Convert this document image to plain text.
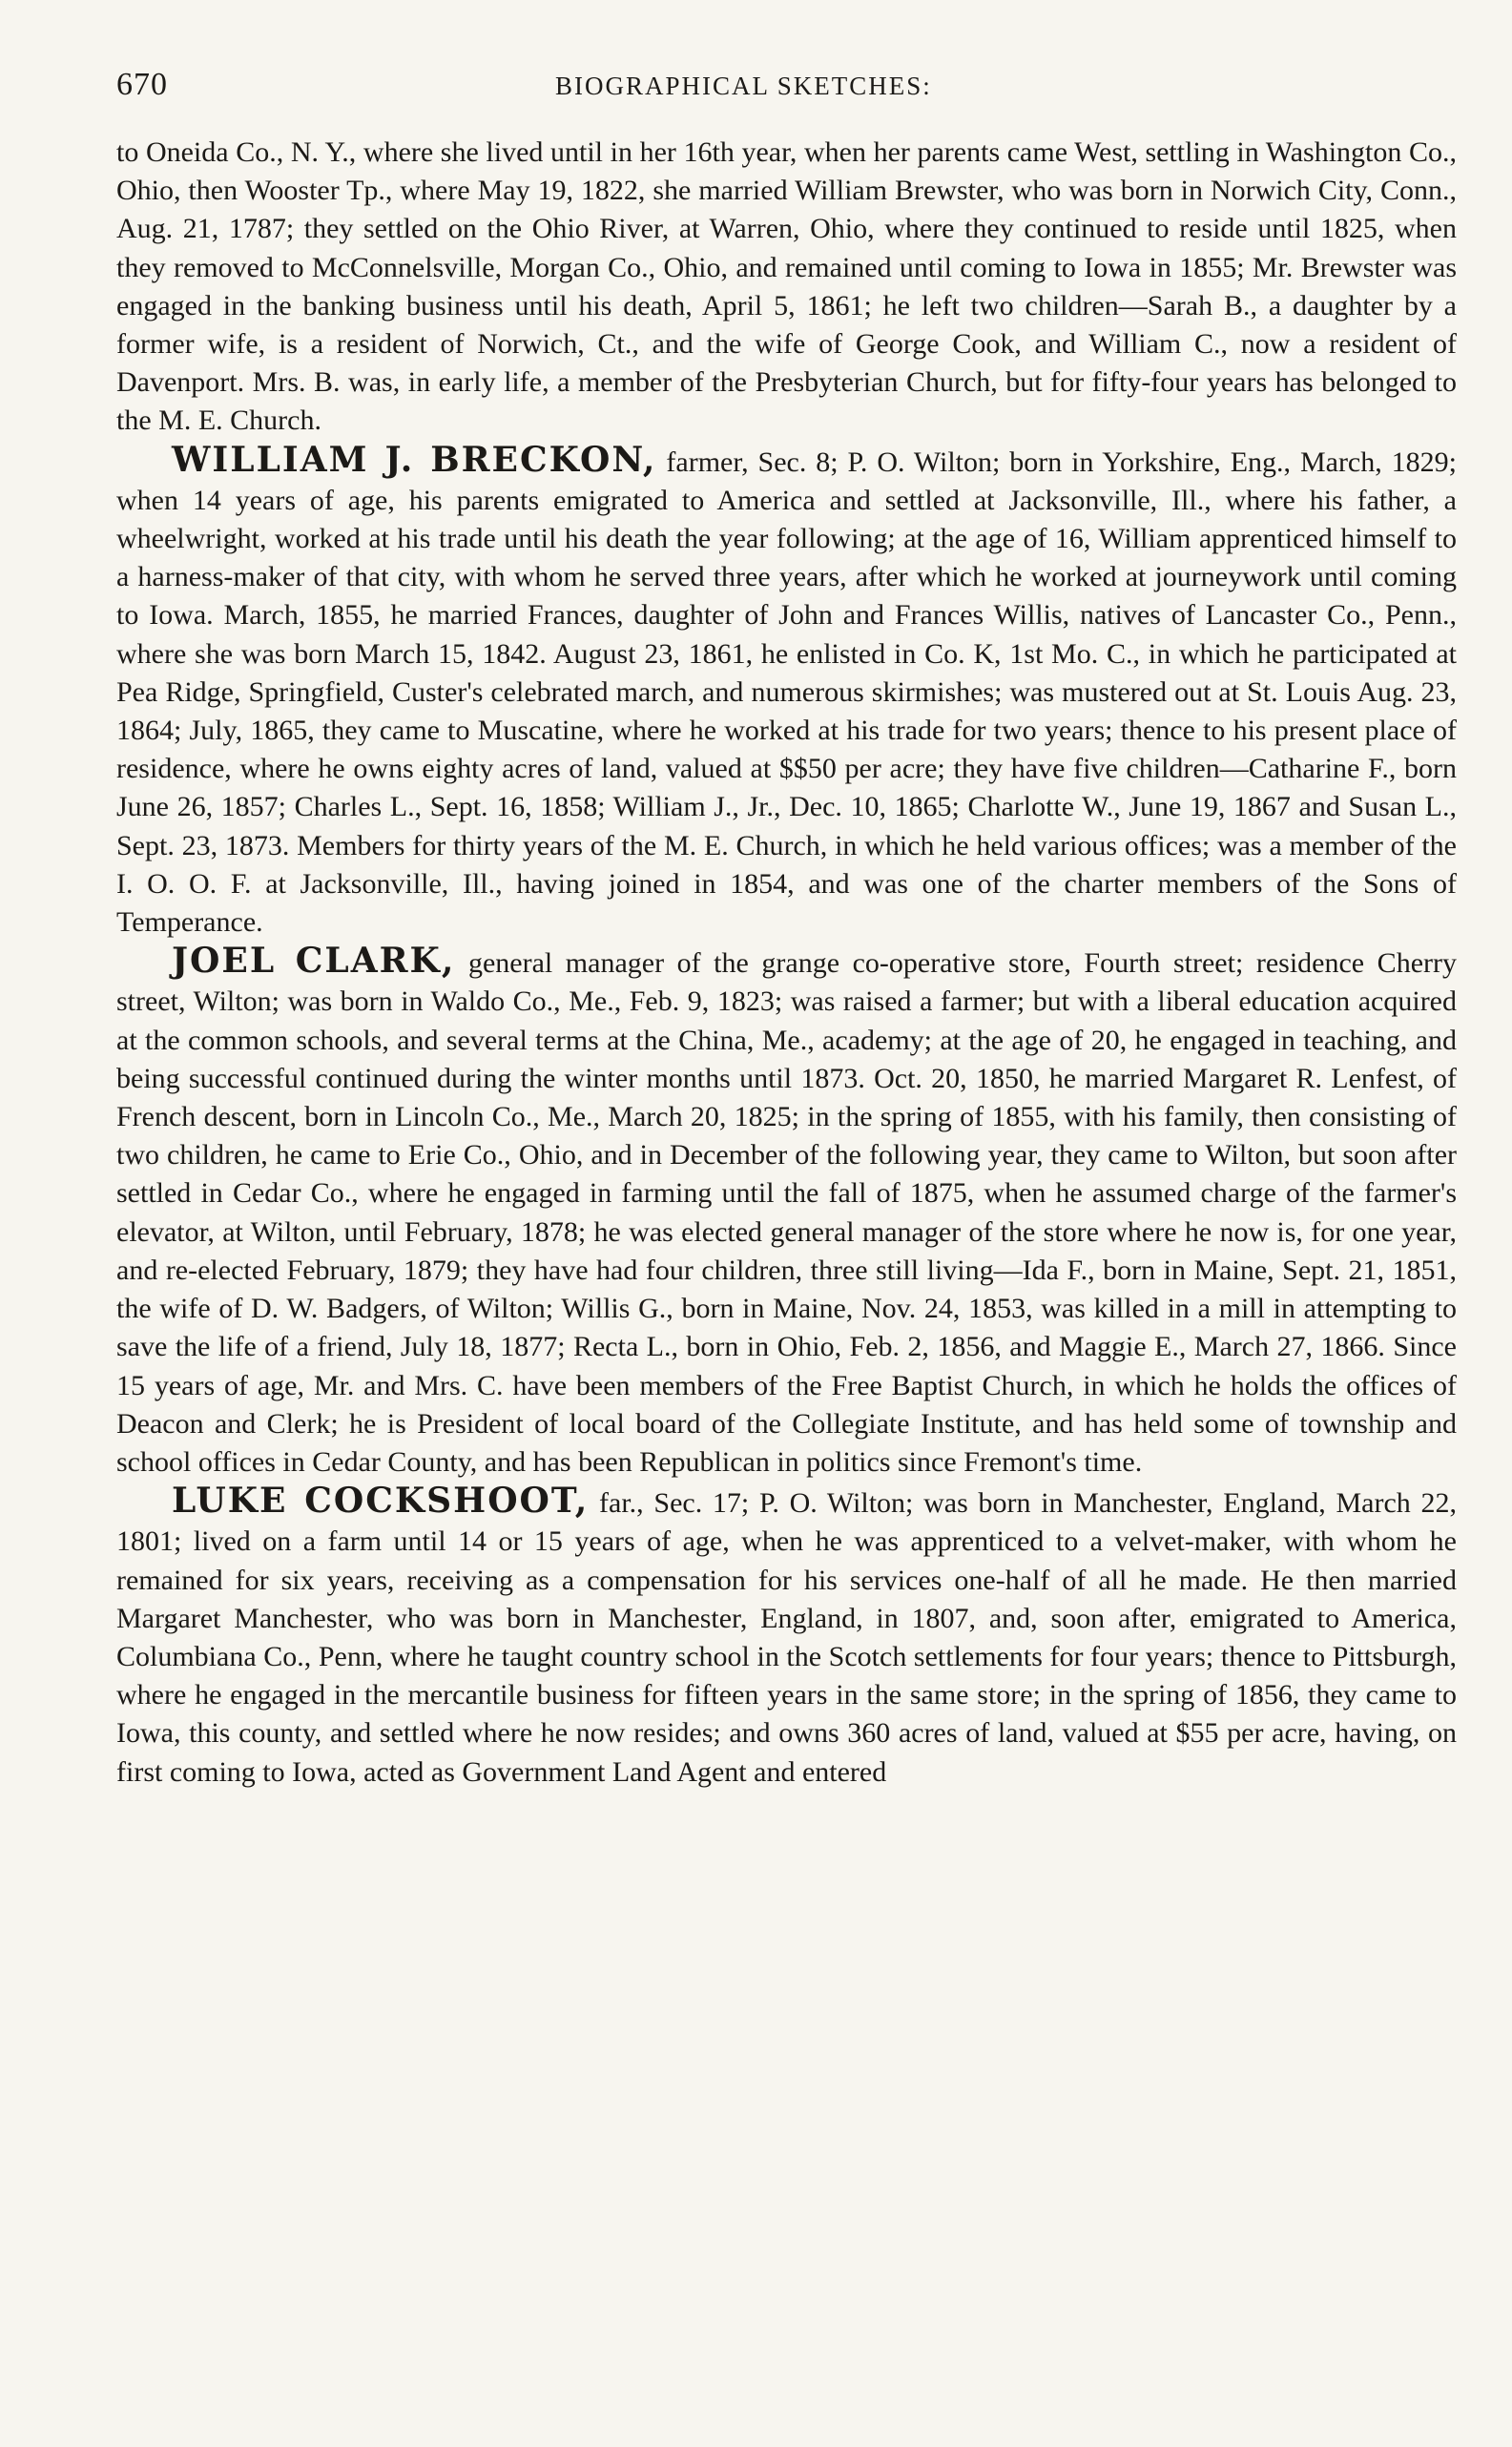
670	BIOGRAPHICAL SKETCHES:

to Oneida Co., N. Y., where she lived until in her 16th year, when her parents came West, settling in Washington Co., Ohio, then Wooster Tp., where May 19, 1822, she married William Brewster, who was born in Norwich City, Conn., Aug. 21, 1787; they settled on the Ohio River, at Warren, Ohio, where they continued to reside until 1825, when they removed to McConnelsville, Morgan Co., Ohio, and remained until coming to Iowa in 1855; Mr. Brewster was engaged in the banking business until his death, April 5, 1861; he left two children—Sarah B., a daughter by a former wife, is a resident of Norwich, Ct., and the wife of George Cook, and William C., now a resident of Davenport. Mrs. B. was, in early life, a member of the Presbyterian Church, but for fifty-four years has belonged to the M. E. Church.

WILLIAM J. BRECKON, farmer, Sec. 8; P. O. Wilton; born in Yorkshire, Eng., March, 1829; when 14 years of age, his parents emigrated to America and settled at Jacksonville, Ill., where his father, a wheelwright, worked at his trade until his death the year following; at the age of 16, William apprenticed himself to a harness-maker of that city, with whom he served three years, after which he worked at journeywork until coming to Iowa. March, 1855, he married Frances, daughter of John and Frances Willis, natives of Lancaster Co., Penn., where she was born March 15, 1842. August 23, 1861, he enlisted in Co. K, 1st Mo. C., in which he participated at Pea Ridge, Springfield, Custer's celebrated march, and numerous skirmishes; was mustered out at St. Louis Aug. 23, 1864; July, 1865, they came to Muscatine, where he worked at his trade for two years; thence to his present place of residence, where he owns eighty acres of land, valued at $$50 per acre; they have five children—Catharine F., born June 26, 1857; Charles L., Sept. 16, 1858; William J., Jr., Dec. 10, 1865; Charlotte W., June 19, 1867 and Susan L., Sept. 23, 1873. Members for thirty years of the M. E. Church, in which he held various offices; was a member of the I. O. O. F. at Jacksonville, Ill., having joined in 1854, and was one of the charter members of the Sons of Temperance.

JOEL CLARK, general manager of the grange co-operative store, Fourth street; residence Cherry street, Wilton; was born in Waldo Co., Me., Feb. 9, 1823; was raised a farmer; but with a liberal education acquired at the common schools, and several terms at the China, Me., academy; at the age of 20, he engaged in teaching, and being successful continued during the winter months until 1873. Oct. 20, 1850, he married Margaret R. Lenfest, of French descent, born in Lincoln Co., Me., March 20, 1825; in the spring of 1855, with his family, then consisting of two children, he came to Erie Co., Ohio, and in December of the following year, they came to Wilton, but soon after settled in Cedar Co., where he engaged in farming until the fall of 1875, when he assumed charge of the farmer's elevator, at Wilton, until February, 1878; he was elected general manager of the store where he now is, for one year, and re-elected February, 1879; they have had four children, three still living—Ida F., born in Maine, Sept. 21, 1851, the wife of D. W. Badgers, of Wilton; Willis G., born in Maine, Nov. 24, 1853, was killed in a mill in attempting to save the life of a friend, July 18, 1877; Recta L., born in Ohio, Feb. 2, 1856, and Maggie E., March 27, 1866. Since 15 years of age, Mr. and Mrs. C. have been members of the Free Baptist Church, in which he holds the offices of Deacon and Clerk; he is President of local board of the Collegiate Institute, and has held some of township and school offices in Cedar County, and has been Republican in politics since Fremont's time.

LUKE COCKSHOOT, far., Sec. 17; P. O. Wilton; was born in Manchester, England, March 22, 1801; lived on a farm until 14 or 15 years of age, when he was apprenticed to a velvet-maker, with whom he remained for six years, receiving as a compensation for his services one-half of all he made. He then married Margaret Manchester, who was born in Manchester, England, in 1807, and, soon after, emigrated to America, Columbiana Co., Penn, where he taught country school in the Scotch settlements for four years; thence to Pittsburgh, where he engaged in the mercantile business for fifteen years in the same store; in the spring of 1856, they came to Iowa, this county, and settled where he now resides; and owns 360 acres of land, valued at $55 per acre, having, on first coming to Iowa, acted as Government Land Agent and entered
